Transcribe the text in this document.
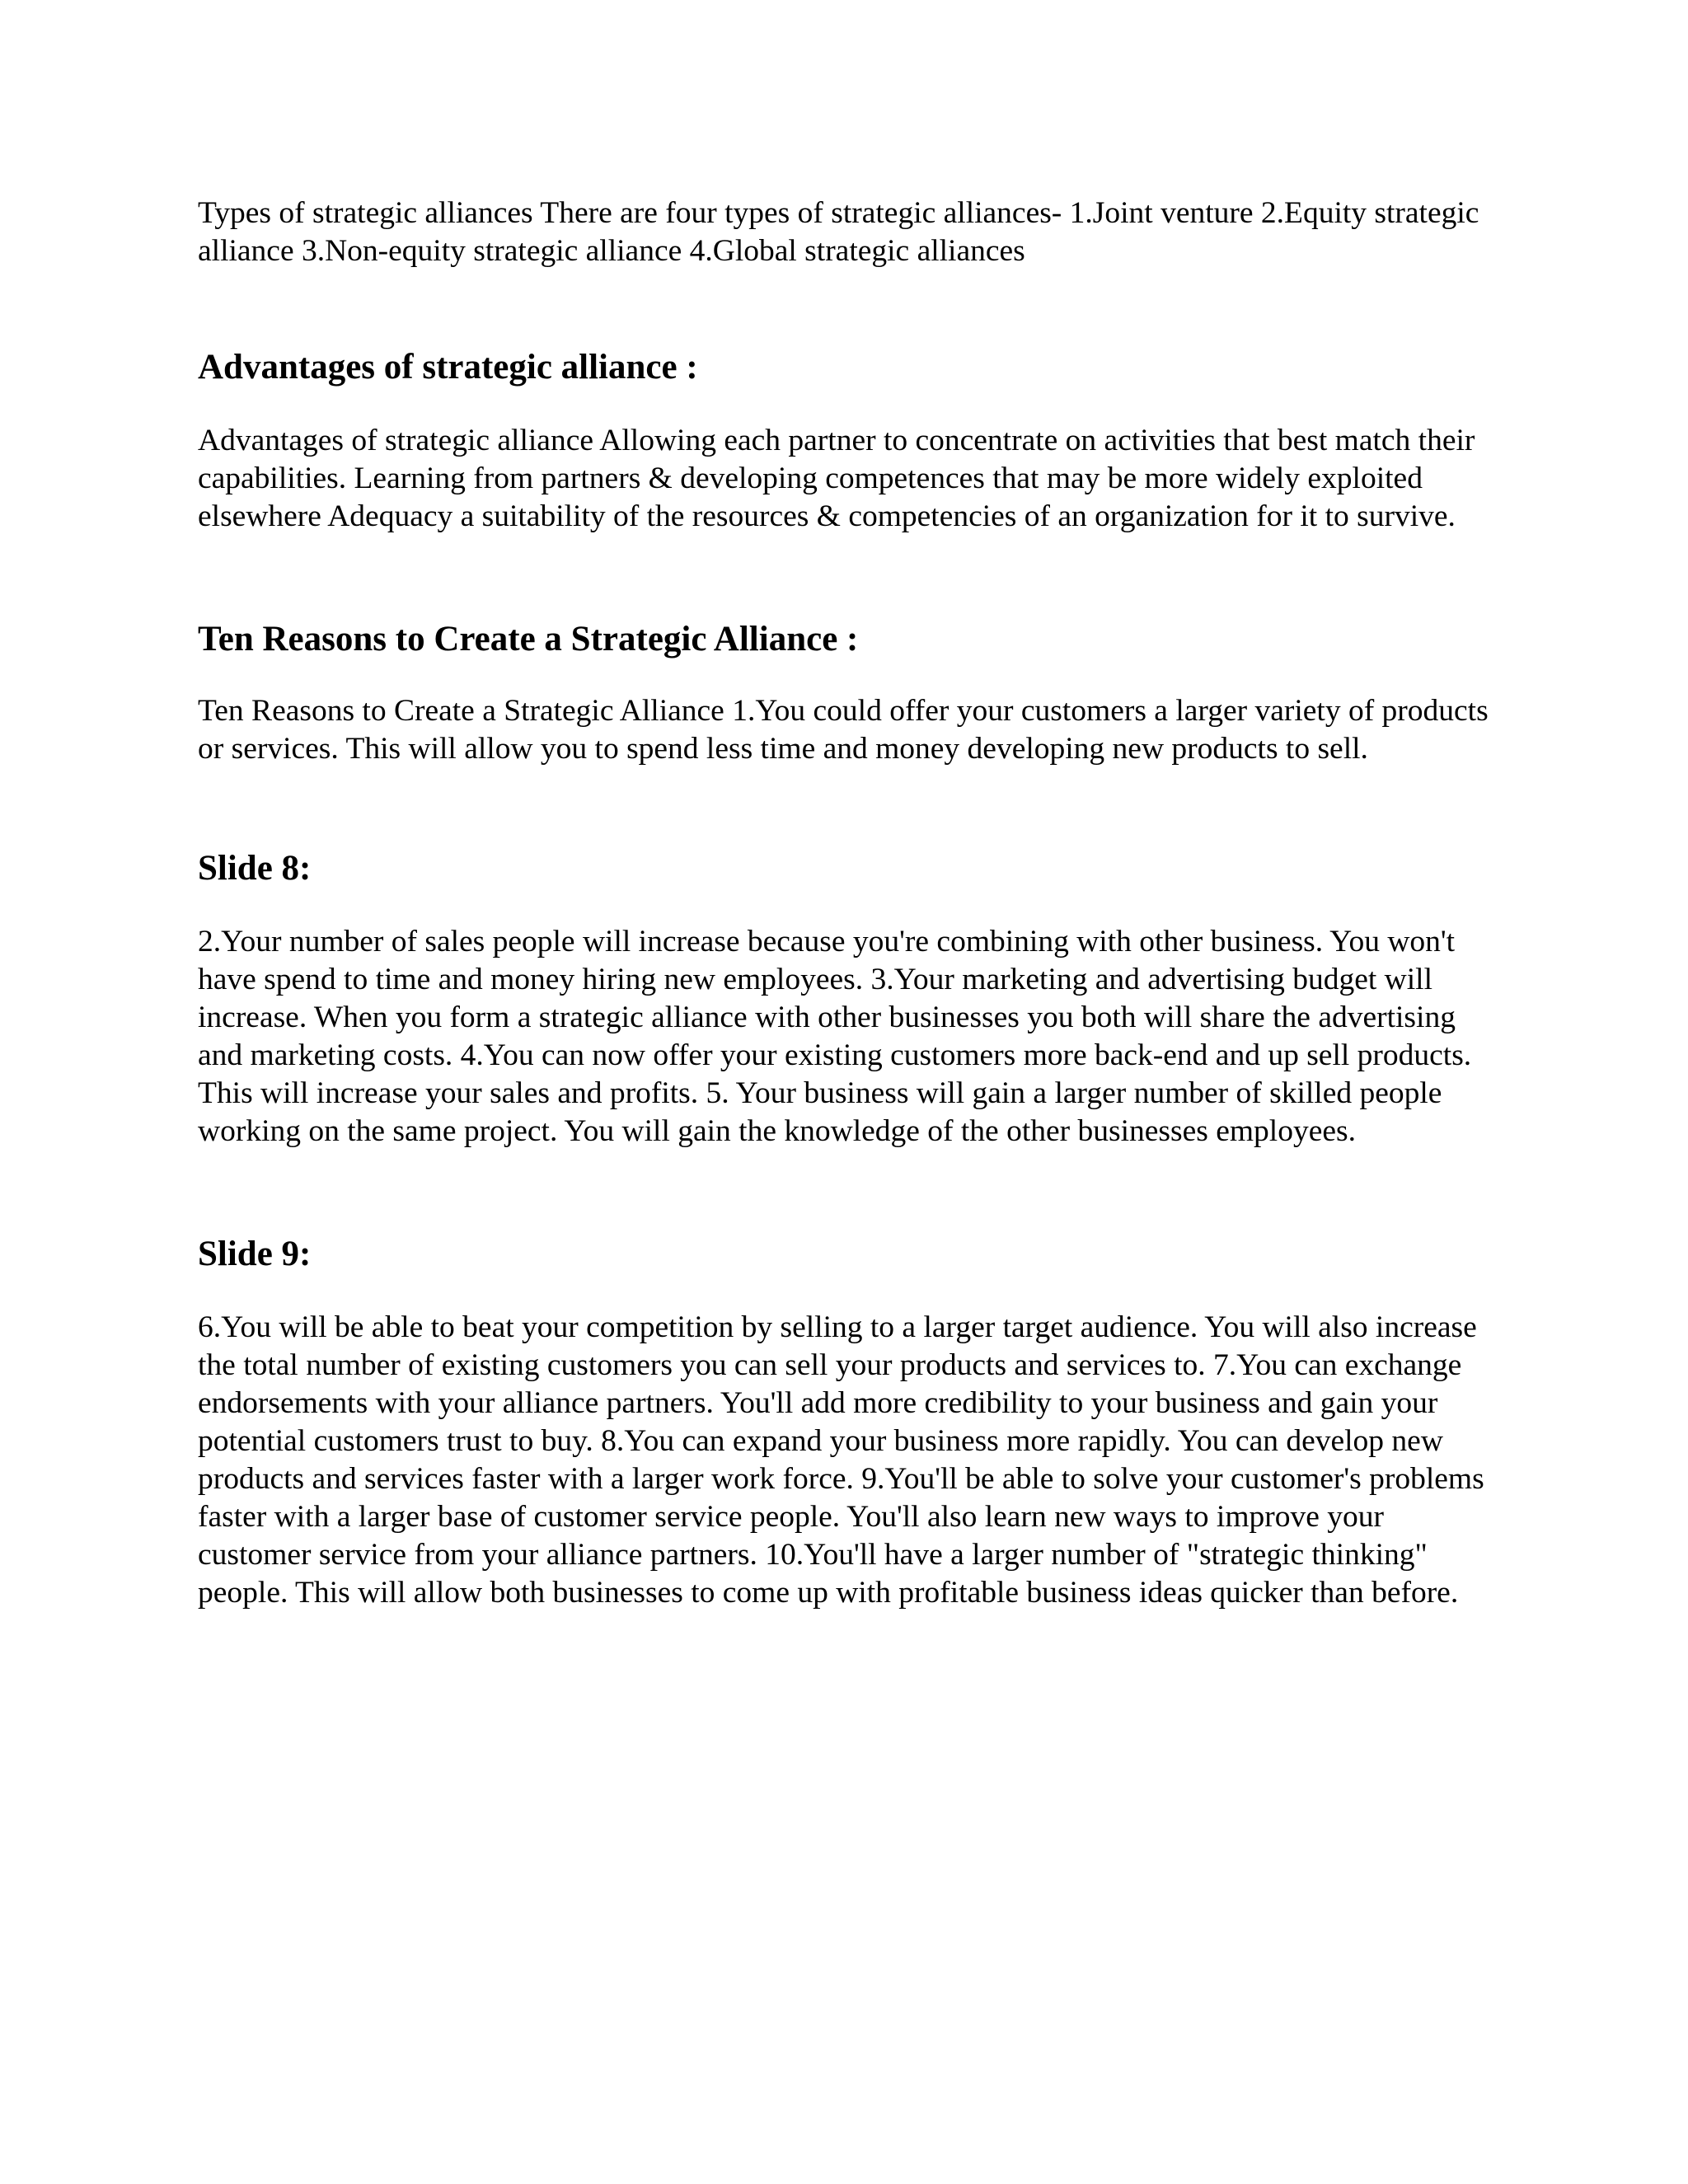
Types of strategic alliances There are four types of strategic alliances- 1.Joint venture 2.Equity strategic alliance 3.Non-equity strategic alliance 4.Global strategic alliances

Advantages of strategic alliance :

Advantages of strategic alliance Allowing each partner to concentrate on activities that best match their capabilities. Learning from partners & developing competences that may be more widely exploited elsewhere Adequacy a suitability of the resources & competencies of an organization for it to survive.

Ten Reasons to Create a Strategic Alliance :

Ten Reasons to Create a Strategic Alliance 1.You could offer your customers a larger variety of products or services. This will allow you to spend less time and money developing new products to sell.

Slide 8:

2.Your number of sales people will increase because you're combining with other business. You won't have spend to time and money hiring new employees. 3.Your marketing and advertising budget will increase. When you form a strategic alliance with other businesses you both will share the advertising and marketing costs. 4.You can now offer your existing customers more back-end and up sell products. This will increase your sales and profits. 5. Your business will gain a larger number of skilled people working on the same project. You will gain the knowledge of the other businesses employees.

Slide 9:

6.You will be able to beat your competition by selling to a larger target audience. You will also increase the total number of existing customers you can sell your products and services to. 7.You can exchange endorsements with your alliance partners. You'll add more credibility to your business and gain your potential customers trust to buy. 8.You can expand your business more rapidly. You can develop new products and services faster with a larger work force. 9.You'll be able to solve your customer's problems faster with a larger base of customer service people. You'll also learn new ways to improve your customer service from your alliance partners. 10.You'll have a larger number of "strategic thinking" people. This will allow both businesses to come up with profitable business ideas quicker than before.
